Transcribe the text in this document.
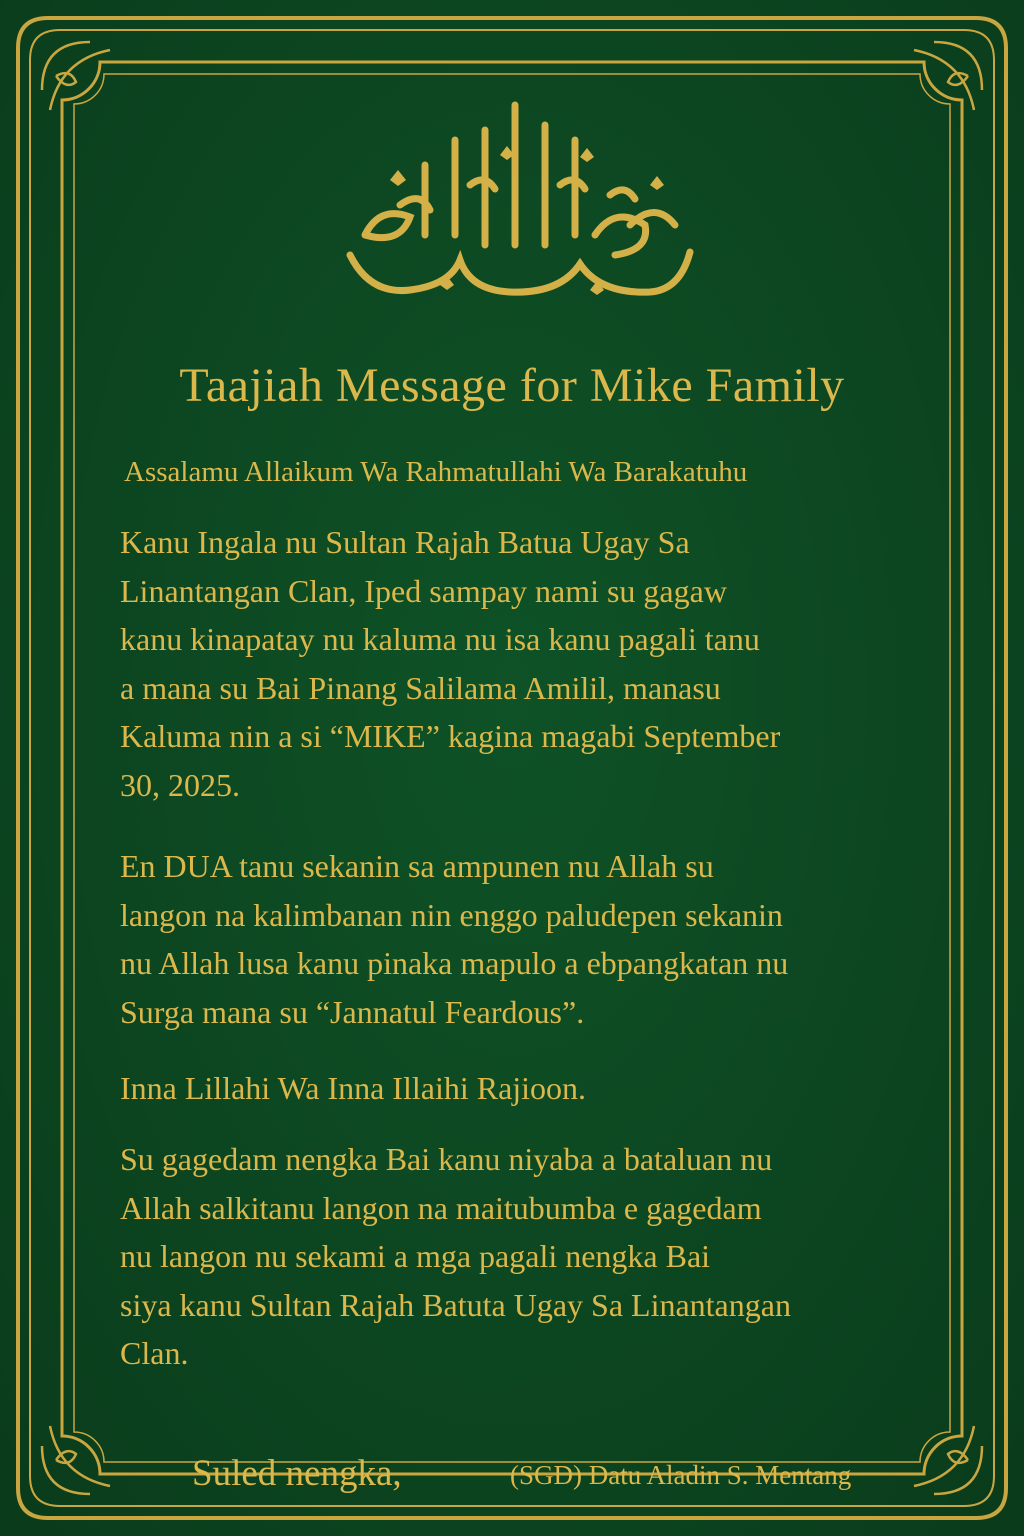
Taajiah Message for Mike Family
Assalamu Allaikum Wa Rahmatullahi Wa Barakatuhu
Kanu Ingala nu Sultan Rajah Batua Ugay Sa
Linantangan Clan, Iped sampay nami su gagaw
kanu kinapatay nu kaluma nu isa kanu pagali tanu
a mana su Bai Pinang Salilama Amilil, manasu
Kaluma nin a si “MIKE” kagina magabi September
30, 2025.
En DUA tanu sekanin sa ampunen nu Allah su
langon na kalimbanan nin enggo paludepen sekanin
nu Allah lusa kanu pinaka mapulo a ebpangkatan nu
Surga mana su “Jannatul Feardous”.
Inna Lillahi Wa Inna Illaihi Rajioon.
Su gagedam nengka Bai kanu niyaba a bataluan nu
Allah salkitanu langon na maitubumba e gagedam
nu langon nu sekami a mga pagali nengka Bai
siya kanu Sultan Rajah Batuta Ugay Sa Linantangan
Clan.
Suled nengka,	(SGD) Datu Aladin S. Mentang
